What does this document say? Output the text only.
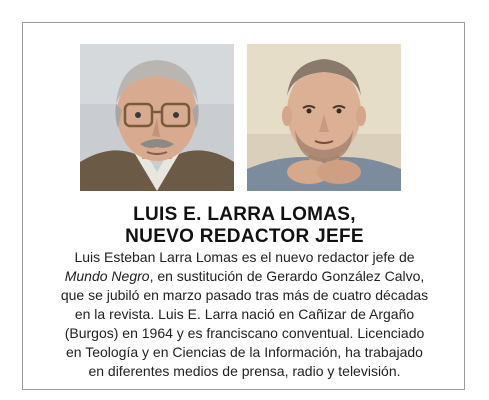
LUIS E. LARRA LOMAS,
NUEVO REDACTOR JEFE
Luis Esteban Larra Lomas es el nuevo redactor jefe de
Mundo Negro, en sustitución de Gerardo González Calvo,
que se jubiló en marzo pasado tras más de cuatro décadas
en la revista. Luis E. Larra nació en Cañizar de Argaño
(Burgos) en 1964 y es franciscano conventual. Licenciado
en Teología y en Ciencias de la Información, ha trabajado
en diferentes medios de prensa, radio y televisión.
